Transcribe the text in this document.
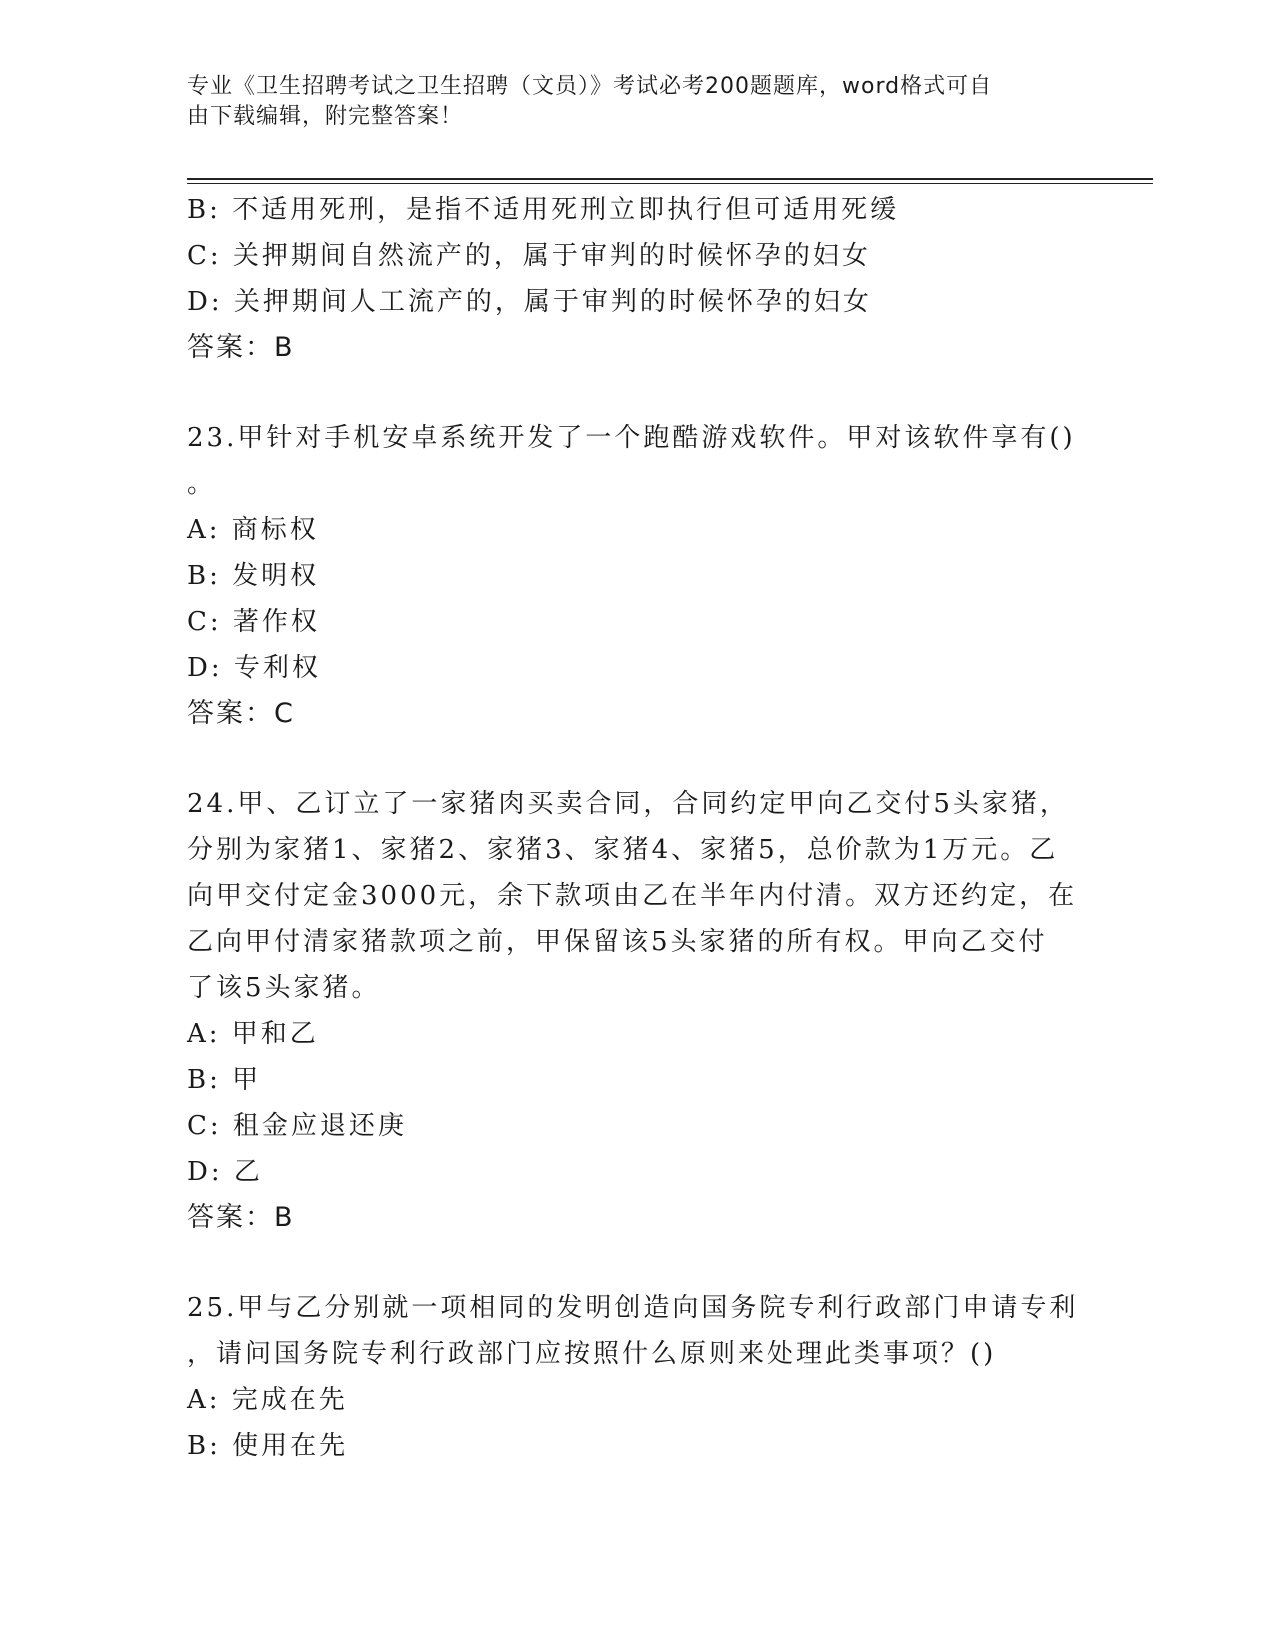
专业《卫生招聘考试之卫生招聘（文员）》考试必考200题题库，word格式可自
由下载编辑，附完整答案！
B: 不适用死刑，是指不适用死刑立即执行但可适用死缓
C: 关押期间自然流产的，属于审判的时候怀孕的妇女
D: 关押期间人工流产的，属于审判的时候怀孕的妇女
答案：B
23.甲针对手机安卓系统开发了一个跑酷游戏软件。甲对该软件享有()
。
A: 商标权
B: 发明权
C: 著作权
D: 专利权
答案：C
24.甲、乙订立了一家猪肉买卖合同，合同约定甲向乙交付5头家猪，
分别为家猪1、家猪2、家猪3、家猪4、家猪5，总价款为1万元。乙
向甲交付定金3000元，余下款项由乙在半年内付清。双方还约定，在
乙向甲付清家猪款项之前，甲保留该5头家猪的所有权。甲向乙交付
了该5头家猪。
A: 甲和乙
B: 甲
C: 租金应退还庚
D: 乙
答案：B
25.甲与乙分别就一项相同的发明创造向国务院专利行政部门申请专利
，请问国务院专利行政部门应按照什么原则来处理此类事项？()
A: 完成在先
B: 使用在先
